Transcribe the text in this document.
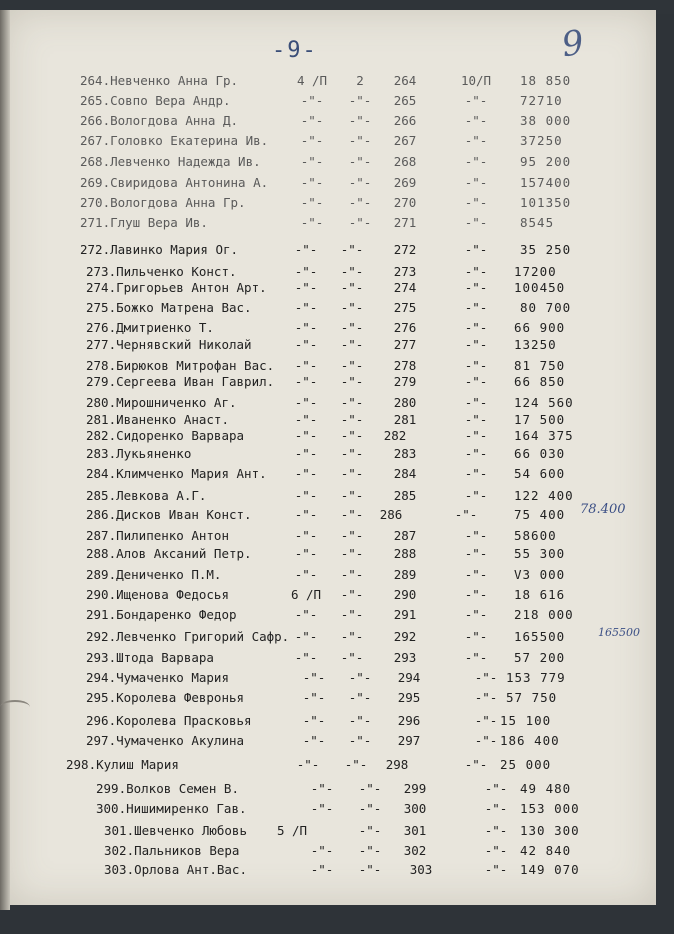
-9-	9
264.Невченко Анна Гр.	4 /П	2	264	10/П	18 850
265.Совпо Вера Андр.	-"-	-"-	265	-"-	72710
266.Вологдова Анна Д.	-"-	-"-	266	-"-	38 000
267.Головко Екатерина Ив.	-"-	-"-	267	-"-	37250
268.Левченко Надежда Ив.	-"-	-"-	268	-"-	95 200
269.Свиридова Антонина А.	-"-	-"-	269	-"-	157400
270.Вологдова Анна Гр.	-"-	-"-	270	-"-	101350
271.Глуш Вера Ив.	-"-	-"-	271	-"-	8545
272.Лавинко Мария Ог.	-"-	-"-	272	-"-	35 250
273.Пильченко Конст.	-"-	-"-	273	-"-	17200
274.Григорьев Антон Арт.	-"-	-"-	274	-"-	100450
275.Божко Матрена Вас.	-"-	-"-	275	-"-	80 700
276.Дмитриенко Т.	-"-	-"-	276	-"-	66 900
277.Чернявский Николай	-"-	-"-	277	-"-	13250
278.Бирюков Митрофан Вас.	-"-	-"-	278	-"-	81 750
279.Сергеева Иван Гаврил.	-"-	-"-	279	-"-	66 850
280.Мирошниченко Аг.	-"-	-"-	280	-"-	124 560
281.Иваненко Анаст.	-"-	-"-	281	-"-	17 500
282.Сидоренко Варвара	-"-	-"-	282	-"-	164 375
283.Лукьяненко	-"-	-"-	283	-"-	66 030
284.Климченко Мария Ант.	-"-	-"-	284	-"-	54 600
285.Левкова А.Г.	-"-	-"-	285	-"-	122 400
286.Дисков Иван Конст.	-"-	-"-	286	-"-	75 400
287.Пилипенко Антон	-"-	-"-	287	-"-	58600
288.Алов Аксаний Петр.	-"-	-"-	288	-"-	55 300
289.Дениченко П.М.	-"-	-"-	289	-"-	V3 000
290.Ищенова Федосья	6 /П	-"-	290	-"-	18 616
291.Бондаренко Федор	-"-	-"-	291	-"-	218 000
292.Левченко Григорий Сафр. -"-	-"-	292	-"-	165500
293.Штода Варвара	-"-	-"-	293	-"-	57 200
294.Чумаченко Мария	-"-	-"-	294	-"- 153 779
295.Королева Февронья	-"-	-"-	295	-"- 57 750
296.Королева Прасковья	-"-	-"-	296	-"- 15 100
297.Чумаченко Акулина	-"-	-"-	297	-"- 186 400
298.Кулиш Мария	-"-	-"-	298	-"-	25 000
299.Волков Семен В.	-"-	-"-	299	-"-	49 480
300.Нишимиренко Гав.	-"-	-"-	300	-"-	153 000
301.Шевченко Любовь	5 /П	-"-	301	-"-	130 300
302.Пальников Вера	-"-	-"-	302	-"-	42 840
303.Орлова Ант.Вас.	-"-	-"-	303	-"-	149 070
78.400
165500
